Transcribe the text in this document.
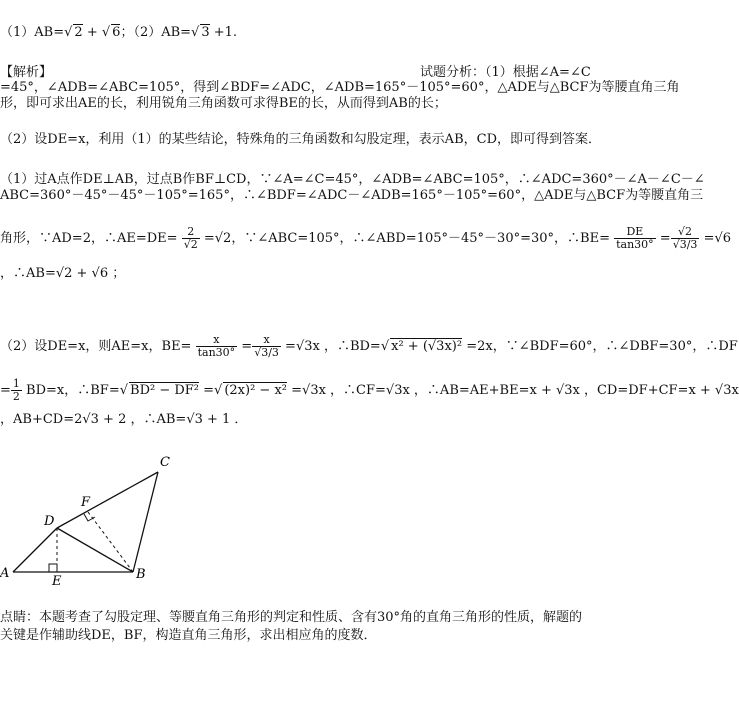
（1）AB=√ 2 + √ 6；（2）AB=√ 3 +1.
【解析】	试题分析：（1）根据∠A=∠C
=45°，∠ADB=∠ABC=105°，得到∠BDF=∠ADC，∠ADB=165°－105°=60°，△ADE与△BCF为等腰直角三角
形，即可求出AE的长，利用锐角三角函数可求得BE的长，从而得到AB的长；
（2）设DE=x，利用（1）的某些结论，特殊角的三角函数和勾股定理，表示AB，CD，即可得到答案．
（1）过A点作DE⊥AB，过点B作BF⊥CD，∵∠A=∠C=45°，∠ADB=∠ABC=105°，∴∠ADC=360°－∠A－∠C－∠
ABC=360°－45°－45°－105°=165°，∴∠BDF=∠ADC－∠ADB=165°－105°=60°，△ADE与△BCF为等腰直角三
角形，∵AD=2，∴AE=DE= $\frac{2}{√2} =√2$，∵∠ABC=105°，∴∠ABD=105°－45°－30°=30°，∴BE= $\frac{DE}{\tan 30^\circ} = \frac{√2}{√3/3} =√6$
，∴AB=√2 + √6 ；
（2）设DE=x，则AE=x，$BE= \frac{x}{\tan 30^\circ} = \frac{x}{√3/3} =√3x$ ，∴BD=√ x² + (√3x)² =2x，∵∠BDF=60°，∴∠DBF=30°，∴DF
= $\frac{1}{2} BD=x$，∴BF=√ BD² − DF² =√ (2x)² − x² =√3x ，∴CF=√3x ，∴AB=AE+BE=x + √3x ，CD=DF+CF=x + √3x
，AB+CD=2√3 + 2 ，∴AB=√3 + 1 ．
A	B
C
D
E
F
点睛：本题考查了勾股定理、等腰直角三角形的判定和性质、含有30°角的直角三角形的性质，解题的
关键是作辅助线DE，BF，构造直角三角形，求出相应角的度数．
